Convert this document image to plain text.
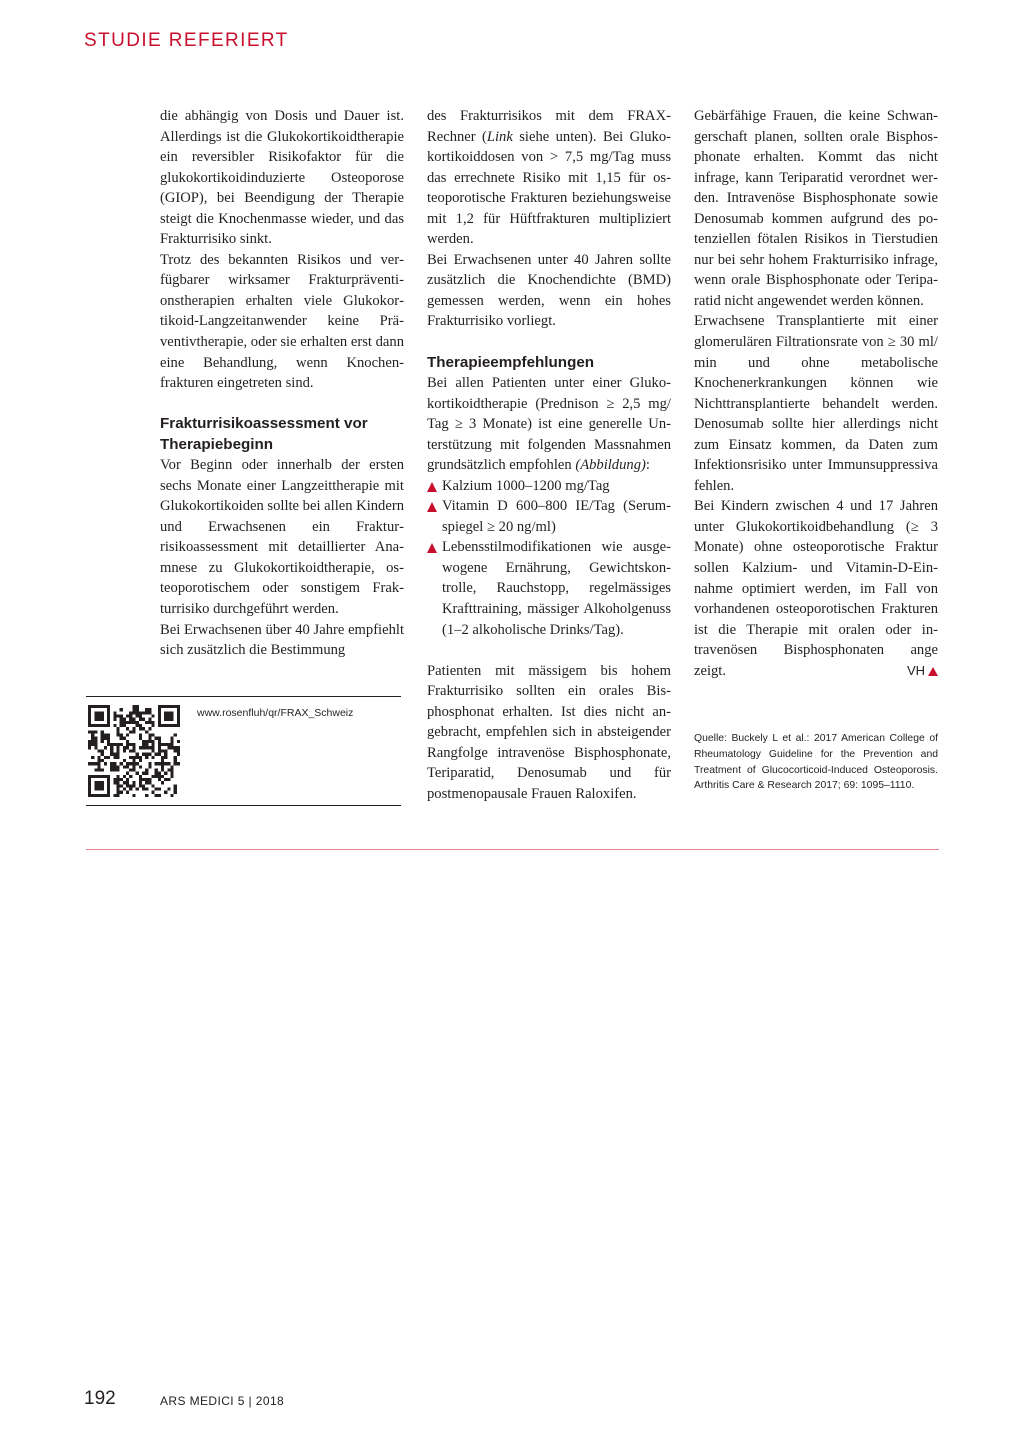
STUDIE REFERIERT

die abhängig von Dosis und Dauer ist. Allerdings ist die Glukokortikoidtherapie ein reversibler Risikofaktor für die glukokortikoidinduzierte Osteoporose (GIOP), bei Beendigung der Therapie steigt die Knochenmasse wieder, und das Frakturrisiko sinkt.

Trotz des bekannten Risikos und verfügbarer wirksamer Frakturpräventionstherapien erhalten viele Glukokortikoid-Langzeitanwender keine Präventivtherapie, oder sie erhalten erst dann eine Behandlung, wenn Knochenfrakturen eingetreten sind.

Frakturrisikoassessment vor Therapiebeginn

Vor Beginn oder innerhalb der ersten sechs Monate einer Langzeittherapie mit Glukokortikoiden sollte bei allen Kindern und Erwachsenen ein Frakturrisikoassessment mit detaillierter Anamnese zu Glukokortikoidtherapie, osteoporotischem oder sonstigem Frakturrisiko durchgeführt werden.

Bei Erwachsenen über 40 Jahre empfiehlt sich zusätzlich die Bestimmung

www.rosenfluh/qr/FRAX_Schweiz

des Frakturrisikos mit dem FRAX-Rechner (Link siehe unten). Bei Glukokortikoiddosen von > 7,5 mg/Tag muss das errechnete Risiko mit 1,15 für osteoporotische Frakturen beziehungsweise mit 1,2 für Hüftfrakturen multipliziert werden.

Bei Erwachsenen unter 40 Jahren sollte zusätzlich die Knochendichte (BMD) gemessen werden, wenn ein hohes Frakturrisiko vorliegt.

Therapieempfehlungen

Bei allen Patienten unter einer Glukokortikoidtherapie (Prednison ≥ 2,5 mg/ Tag ≥ 3 Monate) ist eine generelle Unterstützung mit folgenden Massnahmen grundsätzlich empfohlen (Abbildung):

Kalzium 1000–1200 mg/Tag
Vitamin D 600–800 IE/Tag (Serumspiegel ≥ 20 ng/ml)
Lebensstilmodifikationen wie ausgewogene Ernährung, Gewichtskontrolle, Rauchstopp, regelmässiges Krafttraining, mässiger Alkoholgenuss (1–2 alkoholische Drinks/Tag).

Patienten mit mässigem bis hohem Frakturrisiko sollten ein orales Bisphosphonat erhalten. Ist dies nicht angebracht, empfehlen sich in absteigender Rangfolge intravenöse Bisphosphonate, Teriparatid, Denosumab und für postmenopausale Frauen Raloxifen.

Gebärfähige Frauen, die keine Schwangerschaft planen, sollten orale Bisphosphonate erhalten. Kommt das nicht infrage, kann Teriparatid verordnet werden. Intravenöse Bisphosphonate sowie Denosumab kommen aufgrund des potenziellen fötalen Risikos in Tierstudien nur bei sehr hohem Frakturrisiko infrage, wenn orale Bisphosphonate oder Teriparatid nicht angewendet werden können.

Erwachsene Transplantierte mit einer glomerulären Filtrationsrate von ≥ 30 ml/ min und ohne metabolische Knochenerkrankungen können wie Nichttransplantierte behandelt werden. Denosumab sollte hier allerdings nicht zum Einsatz kommen, da Daten zum Infektionsrisiko unter Immunsuppressiva fehlen.

Bei Kindern zwischen 4 und 17 Jahren unter Glukokortikoidbehandlung (≥ 3 Monate) ohne osteoporotische Fraktur sollen Kalzium- und Vitamin-D-Einnahme optimiert werden, im Fall von vorhandenen osteoporotischen Frakturen ist die Therapie mit oralen oder intravenösen Bisphosphonaten ange

zeigt.	VH
Quelle: Buckely L et al.: 2017 American College of Rheumatology Guideline for the Prevention and Treatment of Glucocorticoid-Induced Osteoporosis. Arthritis Care & Research 2017; 69: 1095–1110.
192	ARS MEDICI 5 | 2018
